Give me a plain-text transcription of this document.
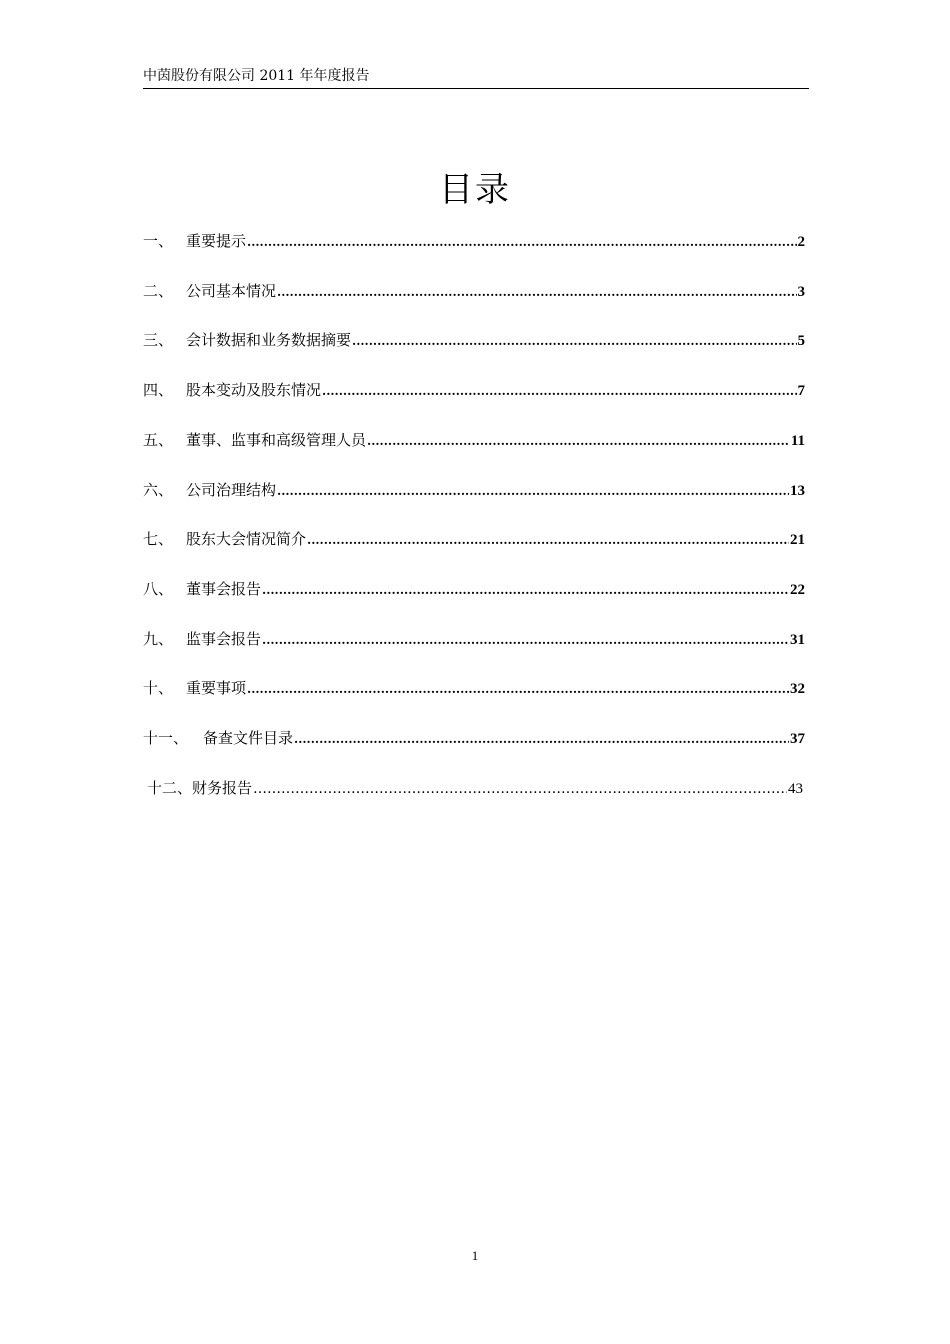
中茵股份有限公司 2011 年年度报告
目录
一、 重要提示 .....	2
二、 公司基本情况 .....	3
三、 会计数据和业务数据摘要 .....	5
四、 股本变动及股东情况 .....	7
五、 董事、监事和高级管理人员 .....	11
六、 公司治理结构 .....	13
七、 股东大会情况简介 .....	21
八、 董事会报告 .....	22
九、 监事会报告 .....	31
十、 重要事项 .....	32
十一、 备查文件目录 .....	37
十二、财务报告 …………………………………………………………………………………………………………………………………………………………………………………………………………	43
1
